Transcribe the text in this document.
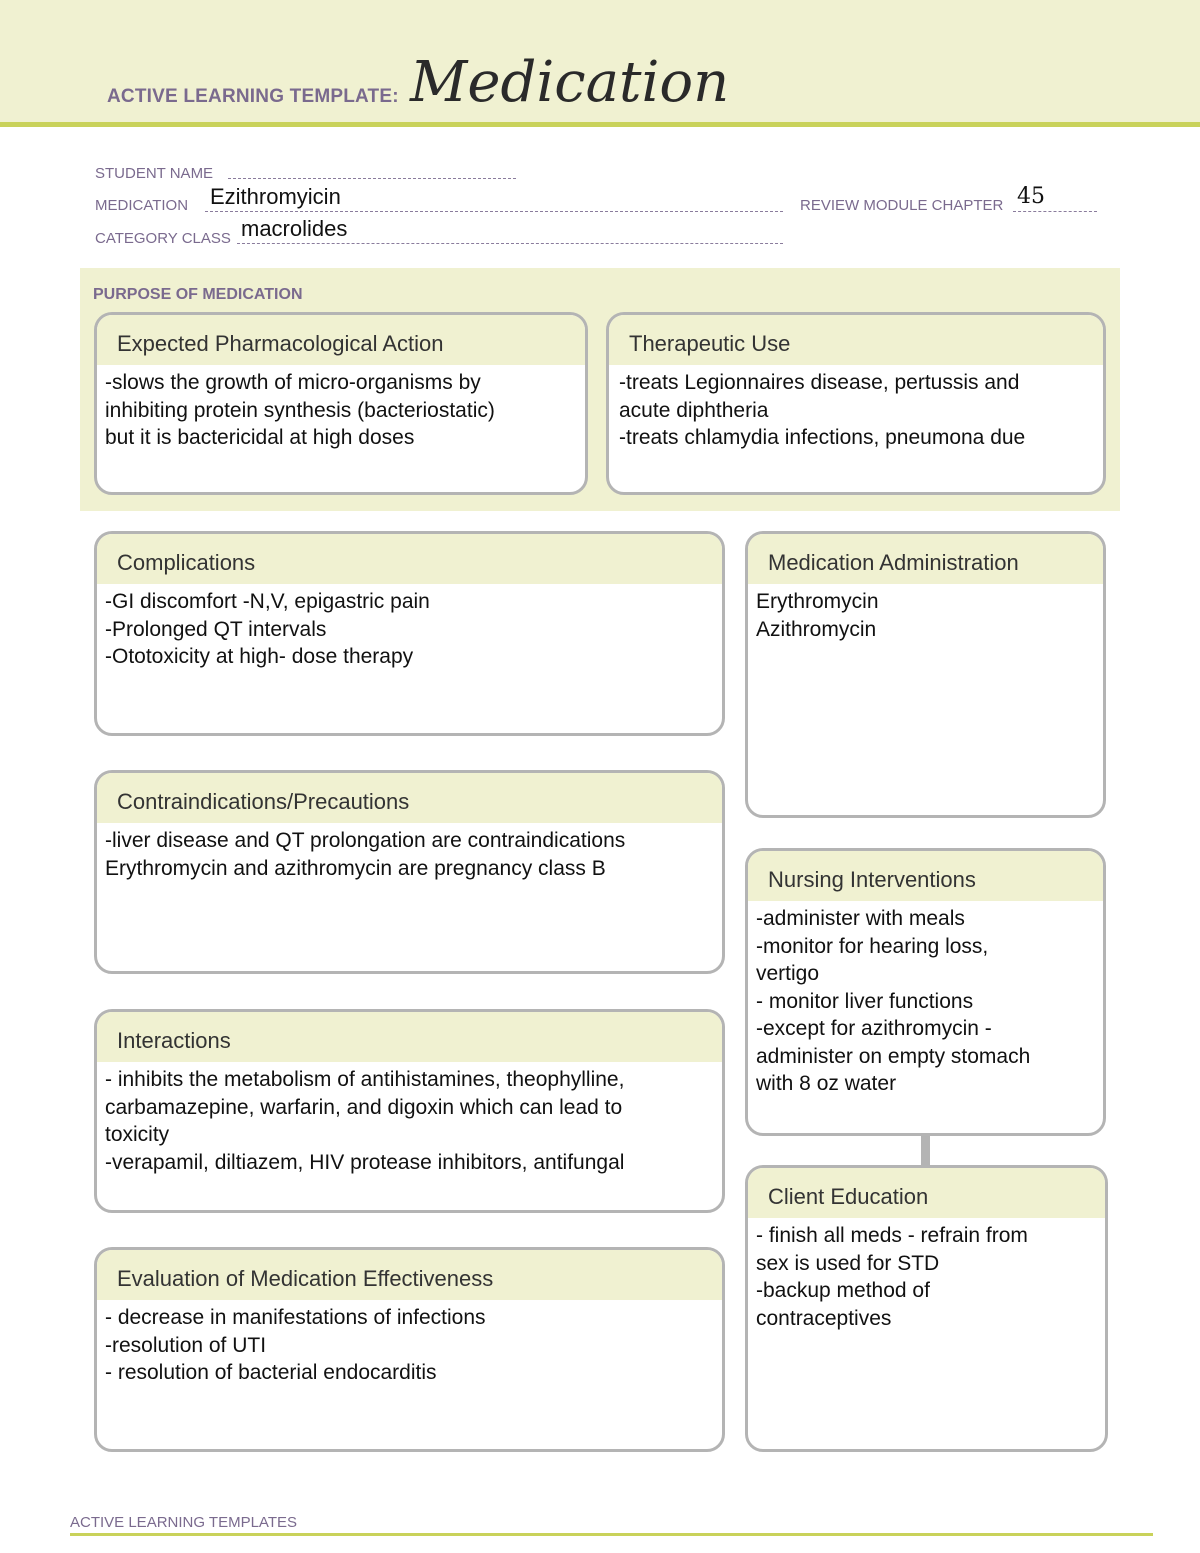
ACTIVE LEARNING TEMPLATE: Medication
STUDENT NAME
MEDICATION Ezithromyicin	REVIEW MODULE CHAPTER 45
CATEGORY CLASS macrolides
PURPOSE OF MEDICATION
Expected Pharmacological Action
-slows the growth of micro-organisms by
inhibiting protein synthesis (bacteriostatic)
but it is bactericidal at high doses
Therapeutic Use
-treats Legionnaires disease, pertussis and
acute diphtheria
-treats chlamydia infections, pneumona due
Complications
-GI discomfort -N,V, epigastric pain
-Prolonged QT intervals
-Ototoxicity at high- dose therapy
Medication Administration
Erythromycin
Azithromycin
Contraindications/Precautions
-liver disease and QT prolongation are contraindications
Erythromycin and azithromycin are pregnancy class B	Nursing Interventions
-administer with meals
-monitor for hearing loss,
vertigo
- monitor liver functions
-except for azithromycin -
administer on empty stomach
with 8 oz water
Interactions
- inhibits the metabolism of antihistamines, theophylline,
carbamazepine, warfarin, and digoxin which can lead to
toxicity
-verapamil, diltiazem, HIV protease inhibitors, antifungal
Client Education
- finish all meds - refrain from
sex is used for STD
-backup method of
contraceptives
Evaluation of Medication Effectiveness
- decrease in manifestations of infections
-resolution of UTI
- resolution of bacterial endocarditis
ACTIVE LEARNING TEMPLATES
